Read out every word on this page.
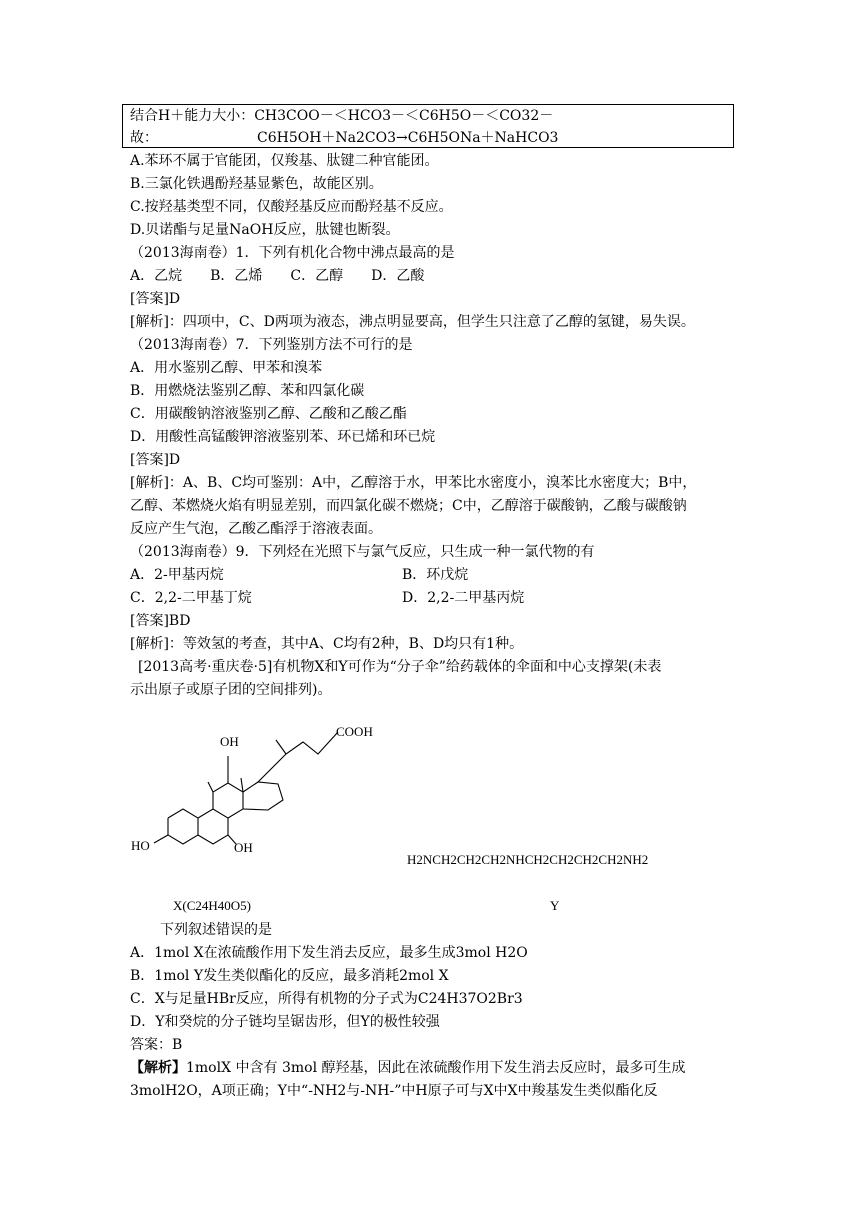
结合H＋能力大小：CH3COO－＜HCO3－＜C6H5O－＜CO32－
故：	C6H5OH＋Na2CO3→C6H5ONa＋NaHCO3
A.苯环不属于官能团，仅羧基、肽键二种官能团。
B.三氯化铁遇酚羟基显紫色，故能区别。
C.按羟基类型不同，仅酸羟基反应而酚羟基不反应。
D.贝诺酯与足量NaOH反应，肽键也断裂。
（2013海南卷）1．下列有机化合物中沸点最高的是
A．乙烷　　B．乙烯　　C．乙醇　　D．乙酸
[答案]D
[解析]：四项中，C、D两项为液态，沸点明显要高，但学生只注意了乙醇的氢键，易失误。
（2013海南卷）7．下列鉴别方法不可行的是
A．用水鉴别乙醇、甲苯和溴苯
B．用燃烧法鉴别乙醇、苯和四氯化碳
C．用碳酸钠溶液鉴别乙醇、乙酸和乙酸乙酯
D．用酸性高锰酸钾溶液鉴别苯、环已烯和环已烷
[答案]D
[解析]：A、B、C均可鉴别：A中，乙醇溶于水，甲苯比水密度小，溴苯比水密度大；B中，
乙醇、苯燃烧火焰有明显差别，而四氯化碳不燃烧；C中，乙醇溶于碳酸钠，乙酸与碳酸钠
反应产生气泡，乙酸乙酯浮于溶液表面。
（2013海南卷）9．下列烃在光照下与氯气反应，只生成一种一氯代物的有
A．2-甲基丙烷	B．环戊烷
C．2,2-二甲基丁烷	D．2,2-二甲基丙烷
[答案]BD
[解析]：等效氢的考查，其中A、C均有2种，B、D均只有1种。
[2013高考·重庆卷·5]有机物X和Y可作为“分子伞”给药载体的伞面和中心支撑架(未表
示出原子或原子团的空间排列)。
OH
COOH
HO	OH
H2NCH2CH2CH2NHCH2CH2CH2CH2NH2
X(C24H40O5)	Y
下列叙述错误的是
A．1mol X在浓硫酸作用下发生消去反应，最多生成3mol H2O
B．1mol Y发生类似酯化的反应，最多消耗2mol X
C．X与足量HBr反应，所得有机物的分子式为C24H37O2Br3
D．Y和癸烷的分子链均呈锯齿形，但Y的极性较强
答案：B
【解析】1molX 中含有 3mol 醇羟基，因此在浓硫酸作用下发生消去反应时，最多可生成
3molH2O，A项正确；Y中“-NH2与-NH-”中H原子可与X中X中羧基发生类似酯化反
